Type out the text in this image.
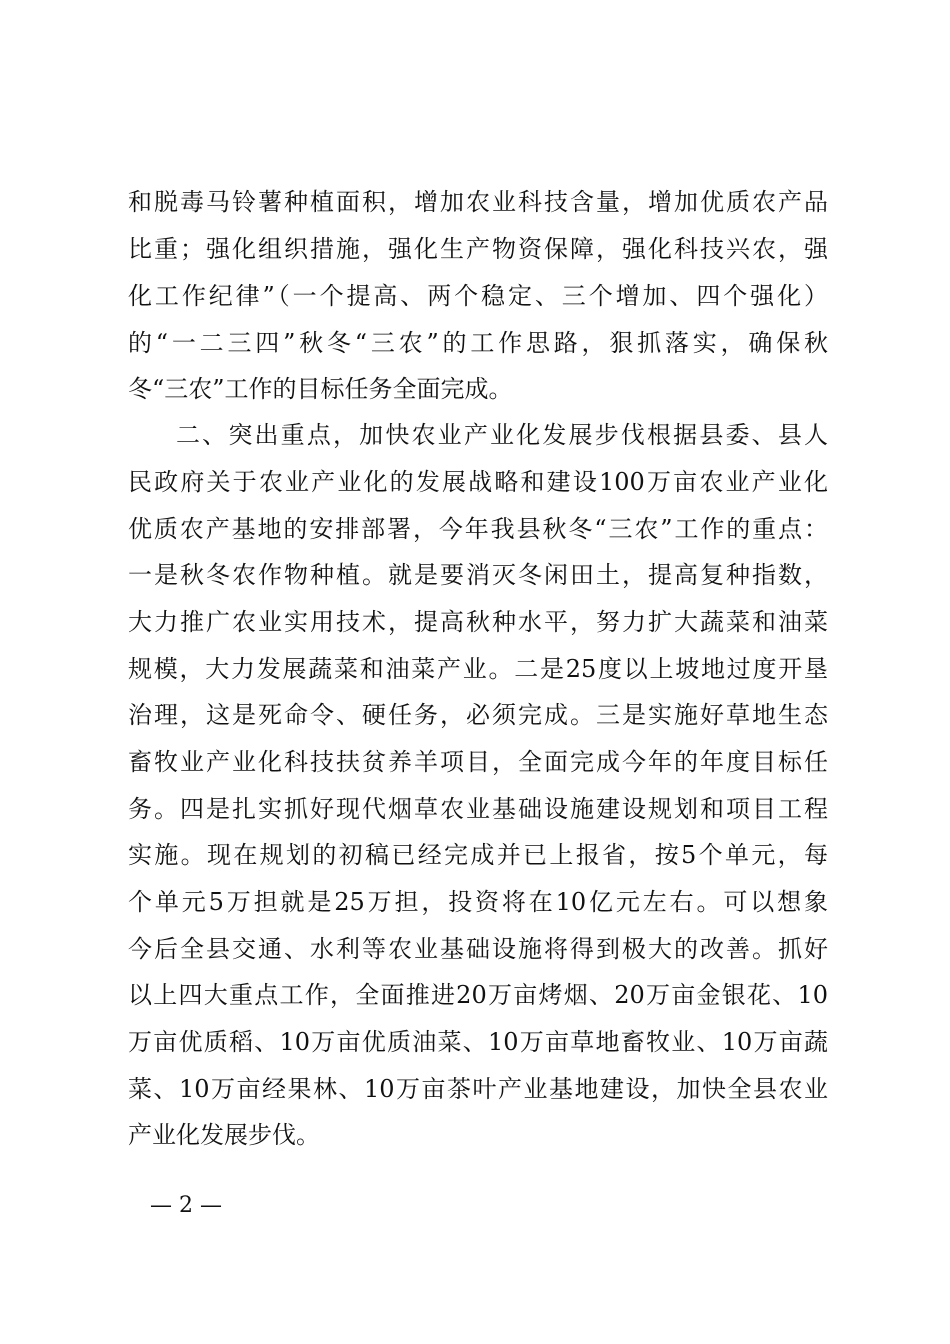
和脱毒马铃薯种植面积，增加农业科技含量，增加优质农产品
比重；强化组织措施，强化生产物资保障，强化科技兴农，强
化工作纪律”（一个提高、两个稳定、三个增加、四个强化）
的“一二三四”秋冬“三农”的工作思路，狠抓落实，确保秋
冬“三农”工作的目标任务全面完成。
二、突出重点，加快农业产业化发展步伐根据县委、县人
民政府关于农业产业化的发展战略和建设100万亩农业产业化
优质农产基地的安排部署，今年我县秋冬“三农”工作的重点：
一是秋冬农作物种植。就是要消灭冬闲田土，提高复种指数，
大力推广农业实用技术，提高秋种水平，努力扩大蔬菜和油菜
规模，大力发展蔬菜和油菜产业。二是25度以上坡地过度开垦
治理，这是死命令、硬任务，必须完成。三是实施好草地生态
畜牧业产业化科技扶贫养羊项目，全面完成今年的年度目标任
务。四是扎实抓好现代烟草农业基础设施建设规划和项目工程
实施。现在规划的初稿已经完成并已上报省，按5个单元，每
个单元5万担就是25万担，投资将在10亿元左右。可以想象
今后全县交通、水利等农业基础设施将得到极大的改善。抓好
以上四大重点工作，全面推进20万亩烤烟、20万亩金银花、10
万亩优质稻、10万亩优质油菜、10万亩草地畜牧业、10万亩蔬
菜、10万亩经果林、10万亩茶叶产业基地建设，加快全县农业
产业化发展步伐。
— 2 —
